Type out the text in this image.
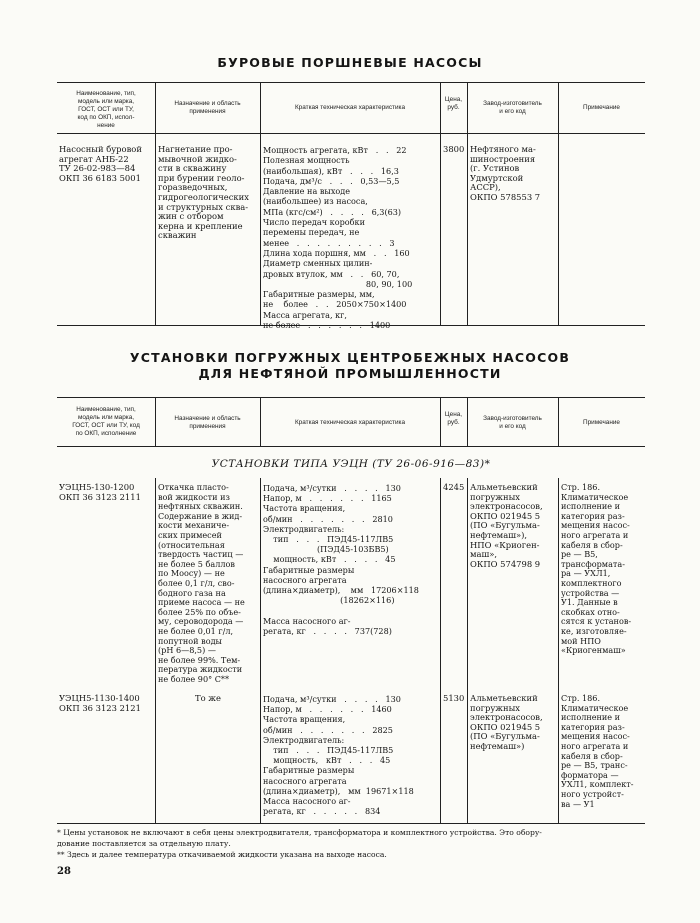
БУРОВЫЕ ПОРШНЕВЫЕ НАСОСЫ
Наименование, тип,
модель или марка,
ГОСТ, ОСТ или ТУ,
код по ОКП, испол-
нение
Назначение и область
применения
Краткая техническая характеристика
Цена,
руб.
Завод-изготовитель
и его код
Примечание
Насосный буровой
агрегат АНБ-22
ТУ 26-02-983—84
ОКП 36 6183 5001
Нагнетание про-
мывочной жидко-
сти в скважину
при бурении геоло-
горазведочных,
гидрогеологических
и структурных сква-
жин с отбором
керна и крепление
скважин
Мощность агрегата, кВт   .   .   22
Полезная мощность
(наибольшая), кВт   .   .   .   16,3
Подача, дм³/с   .   .   .   0,53—5,5
Давление на выходе
(наибольшее) из насоса,
МПа (кгс/см²)   .   .   .   .   6,3(63)
Число передач коробки
перемены передач, не
менее   .   .   .   .   .   .   .   .   .   3
Длина хода поршня, мм   .   .   160
Диаметр сменных цилин-
дровых втулок, мм   .   .   60, 70,
80, 90, 100
Габаритные размеры, мм,
не    более   .   .   2050×750×1400
Масса агрегата, кг,
не более   .   .   .   .   .   .   1400
3800 Нефтяного ма-
шиностроения
(г. Устинов
Удмуртской
АССР),
ОКПО 578553 7
УСТАНОВКИ ПОГРУЖНЫХ ЦЕНТРОБЕЖНЫХ НАСОСОВ
ДЛЯ НЕФТЯНОЙ ПРОМЫШЛЕННОСТИ
Наименование, тип,
модель или марка,
ГОСТ, ОСТ или ТУ, код
по ОКП, исполнение
Назначение и область
применения
Краткая техническая характеристика
Цена,
руб.
Завод-изготовитель
и его код
Примечание
УСТАНОВКИ ТИПА УЭЦН (ТУ 26-06-916—83)*
УЭЦН5-130-1200
ОКП 36 3123 2111
Откачка пласто-
вой жидкости из
нефтяных скважин.
Содержание в жид-
кости механиче-
ских примесей
(относительная
твердость частиц —
не более 5 баллов
по Моосу) — не
более 0,1 г/л, сво-
бодного газа на
приеме насоса — не
более 25% по объе-
му, сероводорода —
не более 0,01 г/л,
попутной воды
(рН 6—8,5) —
не более 99%. Тем-
пература жидкости
не более 90° С**
Подача, м³/сутки   .   .   .   .   130
Напор, м   .   .   .   .   .   .   1165
Частота вращения,
об/мин   .   .   .   .   .   .   .   2810
Электродвигатель:
тип   .   .   .   ПЭД45-117ЛВ5
(ПЭД45-103БВ5)
мощность, кВт   .   .   .   .   45
Габаритные размеры
насосного агрегата
(длина×диаметр),    мм   17206×118
(18262×116)

Масса насосного аг-
регата, кг   .   .   .   .   737(728)
4245 Альметьевский
погружных
электронасосов,
ОКПО 021945 5
(ПО «Бугульма-
нефтемаш»),
НПО «Криоген-
маш»,
ОКПО 574798 9
Стр. 186.
Климатическое
исполнение и
категория раз-
мещения насос-
ного агрегата и
кабеля в сбор-
ре — В5,
трансформата-
ра — УХЛ1,
комплектного
устройства —
У1. Данные в
скобках отно-
сятся к установ-
ке, изготовляе-
мой НПО
«Криогенмаш»
УЭЦН5-1130-1400
ОКП 36 3123 2121
То же	Подача, м³/сутки   .   .   .   .   130
Напор, м   .   .   .   .   .   .   1460
Частота вращения,
об/мин   .   .   .   .   .   .   .   2825
Электродвигатель:
тип   .   .   .   ПЭД45-117ЛВ5
мощность,   кВт   .   .   .   45
Габаритные размеры
насосного агрегата
(длина×диаметр),   мм  19671×118
Масса насосного аг-
регата, кг   .   .   .   .   .   834
5130 Альметьевский
погружных
электронасосов,
ОКПО 021945 5
(ПО «Бугульма-
нефтемаш»)
Стр. 186.
Климатическое
исполнение и
категория раз-
мещения насос-
ного агрегата и
кабеля в сбор-
ре — В5, транс-
форматора —
УХЛ1, комплект-
ного устройст-
ва — У1
* Цены установок не включают в себя цены электродвигателя, трансформатора и комплектного устройства. Это обору-
дование поставляется за отдельную плату.
** Здесь и далее температура откачиваемой жидкости указана на выходе насоса.
28
